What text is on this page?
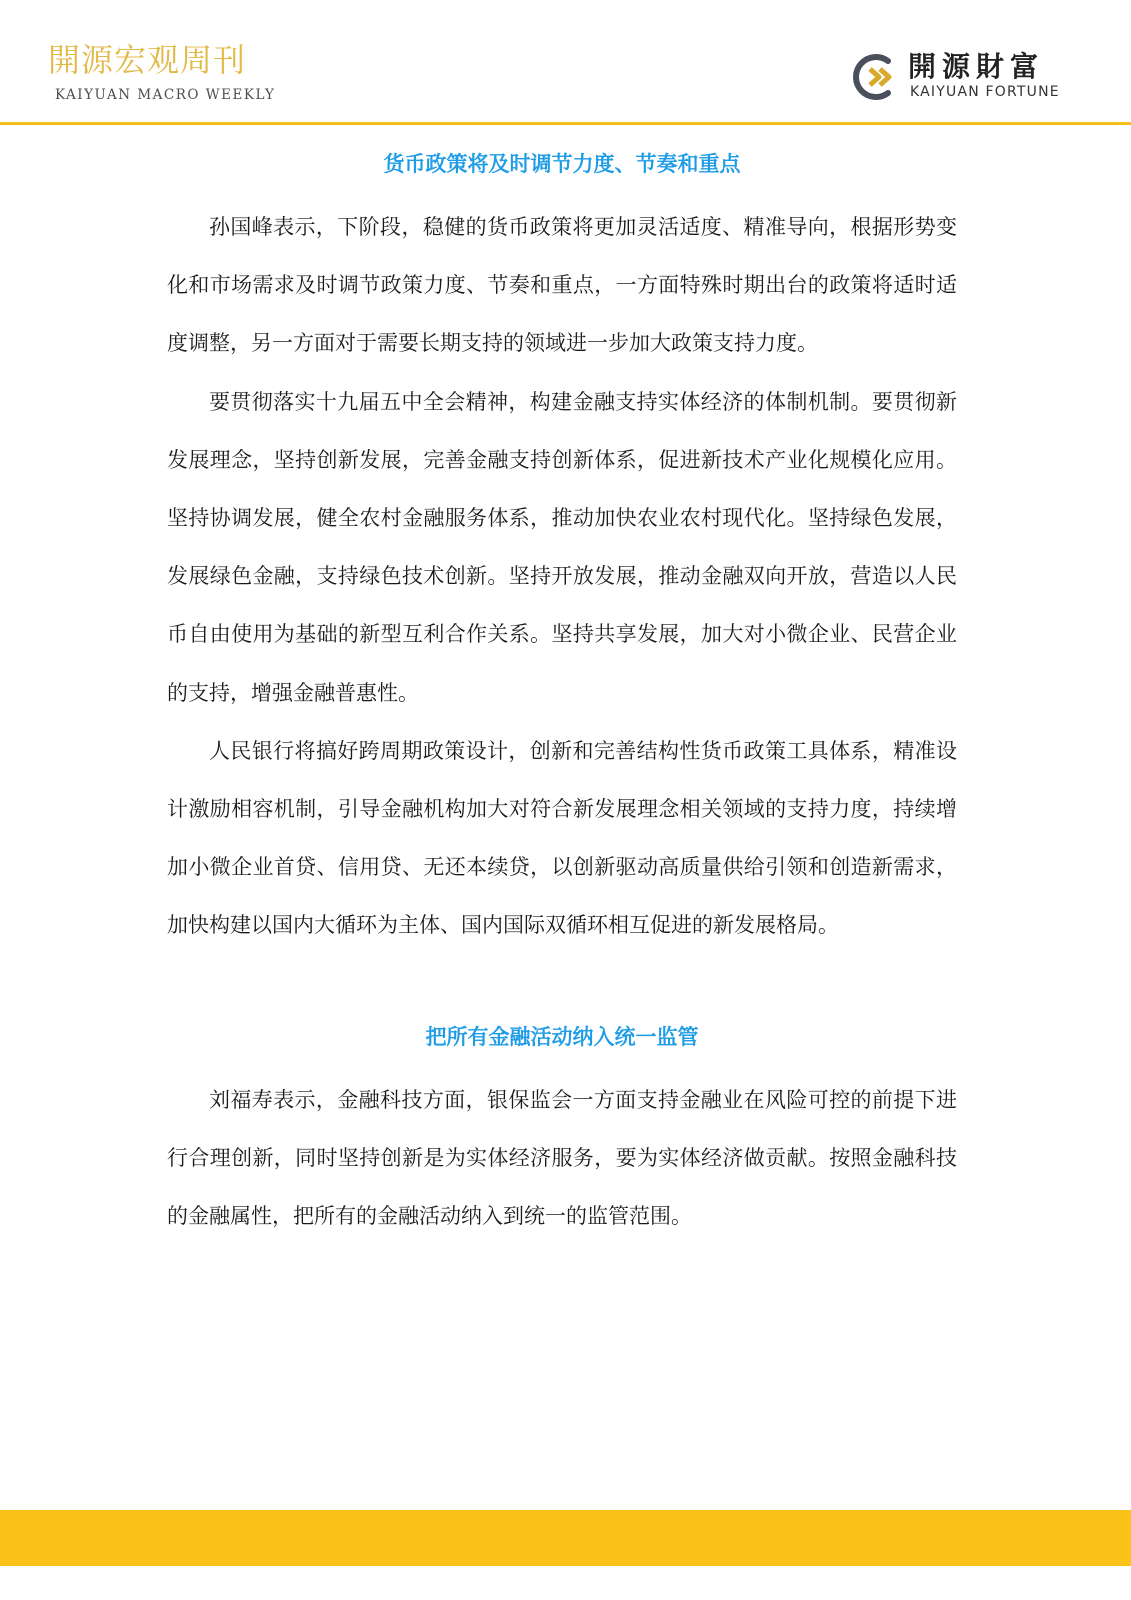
開源宏观周刊
KAIYUAN MACRO WEEKLY
開源財富
KAIYUAN FORTUNE
货币政策将及时调节力度、节奏和重点

孙国峰表示，下阶段，稳健的货币政策将更加灵活适度、精准导向，根据形势变化和市场需求及时调节政策力度、节奏和重点，一方面特殊时期出台的政策将适时适度调整，另一方面对于需要长期支持的领域进一步加大政策支持力度。

要贯彻落实十九届五中全会精神，构建金融支持实体经济的体制机制。要贯彻新发展理念，坚持创新发展，完善金融支持创新体系，促进新技术产业化规模化应用。坚持协调发展，健全农村金融服务体系，推动加快农业农村现代化。坚持绿色发展，发展绿色金融，支持绿色技术创新。坚持开放发展，推动金融双向开放，营造以人民币自由使用为基础的新型互利合作关系。坚持共享发展，加大对小微企业、民营企业的支持，增强金融普惠性。

人民银行将搞好跨周期政策设计，创新和完善结构性货币政策工具体系，精准设计激励相容机制，引导金融机构加大对符合新发展理念相关领域的支持力度，持续增加小微企业首贷、信用贷、无还本续贷，以创新驱动高质量供给引领和创造新需求，加快构建以国内大循环为主体、国内国际双循环相互促进的新发展格局。

把所有金融活动纳入统一监管

刘福寿表示，金融科技方面，银保监会一方面支持金融业在风险可控的前提下进行合理创新，同时坚持创新是为实体经济服务，要为实体经济做贡献。按照金融科技的金融属性，把所有的金融活动纳入到统一的监管范围。
